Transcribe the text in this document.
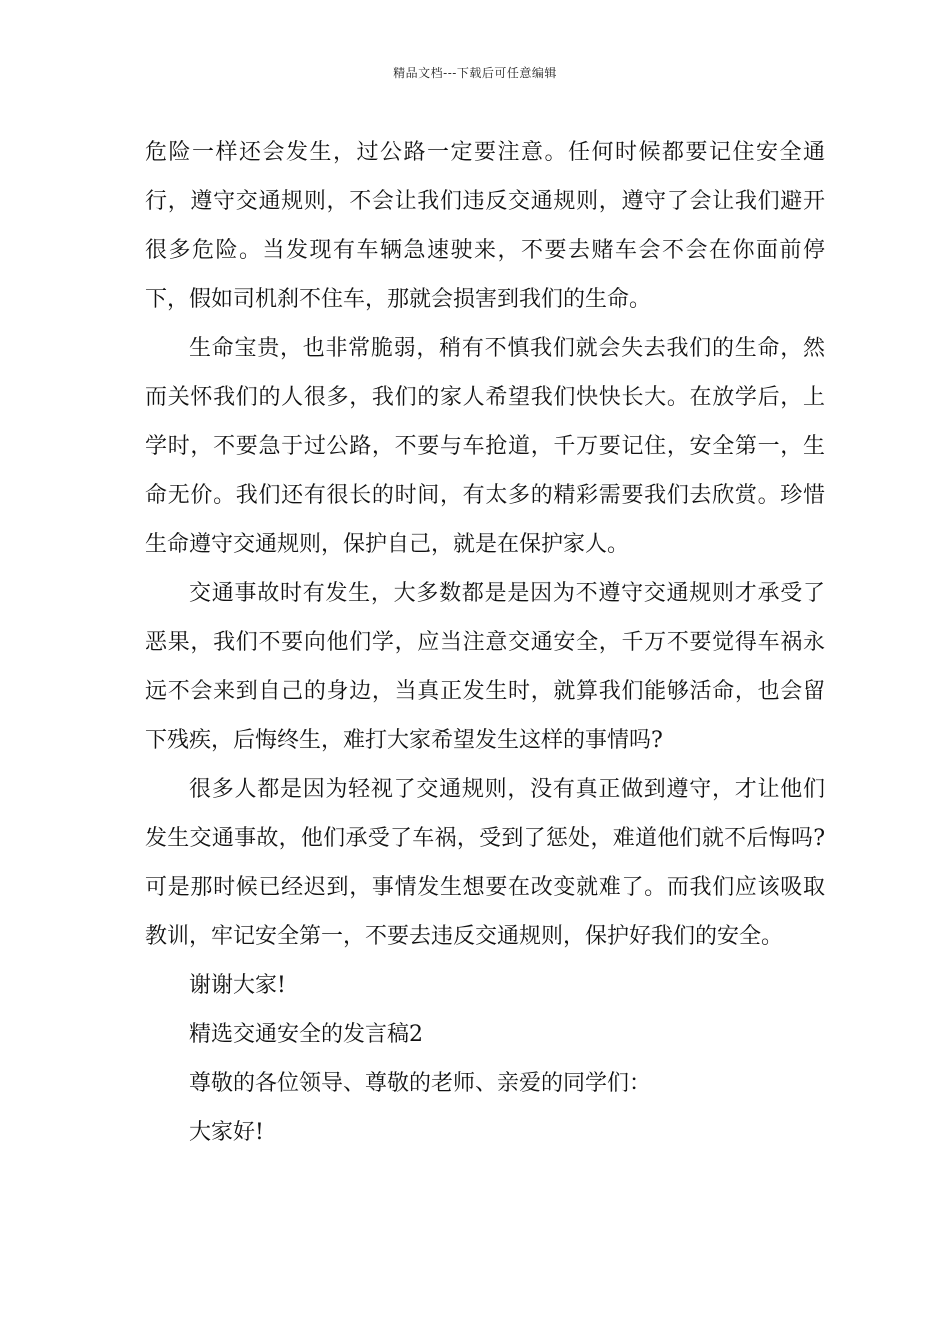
精品文档---下载后可任意编辑

危险一样还会发生，过公路一定要注意。任何时候都要记住安全通行，遵守交通规则，不会让我们违反交通规则，遵守了会让我们避开很多危险。当发现有车辆急速驶来，不要去赌车会不会在你面前停下，假如司机刹不住车，那就会损害到我们的生命。

生命宝贵，也非常脆弱，稍有不慎我们就会失去我们的生命，然而关怀我们的人很多，我们的家人希望我们快快长大。在放学后，上学时，不要急于过公路，不要与车抢道，千万要记住，安全第一，生命无价。我们还有很长的时间，有太多的精彩需要我们去欣赏。珍惜生命遵守交通规则，保护自己，就是在保护家人。

交通事故时有发生，大多数都是是因为不遵守交通规则才承受了恶果，我们不要向他们学，应当注意交通安全，千万不要觉得车祸永远不会来到自己的身边，当真正发生时，就算我们能够活命，也会留下残疾，后悔终生，难打大家希望发生这样的事情吗?

很多人都是因为轻视了交通规则，没有真正做到遵守，才让他们发生交通事故，他们承受了车祸，受到了惩处，难道他们就不后悔吗?可是那时候已经迟到，事情发生想要在改变就难了。而我们应该吸取教训，牢记安全第一，不要去违反交通规则，保护好我们的安全。

谢谢大家!

精选交通安全的发言稿2

尊敬的各位领导、尊敬的老师、亲爱的同学们：

大家好!
